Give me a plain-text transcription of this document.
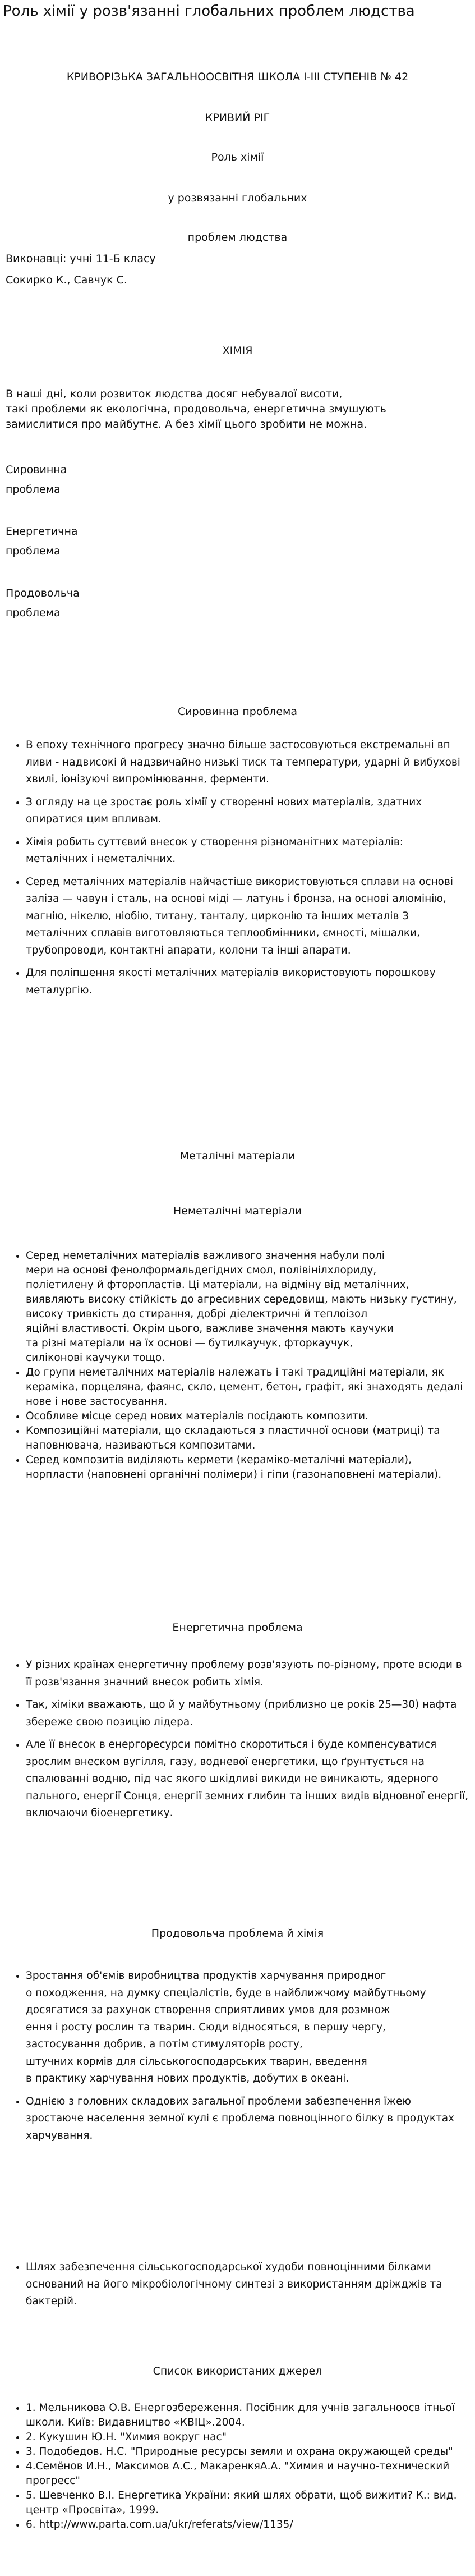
Роль хімії у розв'язанні глобальних проблем людства
КРИВОРІЗЬКА ЗАГАЛЬНООСВІТНЯ ШКОЛА І-ІІІ СТУПЕНІВ № 42
КРИВИЙ РІГ
Роль хімії
у розвязанні глобальних
проблем людства
Виконавці: учні 11-Б класу
Сокирко К., Савчук С.
ХІМІЯ

В наші дні, коли розвиток людства досяг небувалої висоти,

такі проблеми як екологічна, продовольча, енергетична змушують

замислитися про майбутнє. А без хімії цього зробити не можна.

Сировинна

проблема

Енергетична

проблема

Продовольча

проблема

Сировинна проблема

• В епоху технічного прогресу значно більше застосовуються екстремальні вп

ливи - надвисокі й надзвичайно низькі тиск та температури, ударні й вибухові хвилі, іонізуючі випромінювання, ферменти.

• З огляду на це зростає роль хімії у створенні нових матеріалів, здатних опиратися цим впливам.

• Хімія робить суттєвий внесок у створення різноманітних матеріалів:

металічних і неметалічних.

• Серед металічних матеріалів найчастіше використовуються сплави на основі заліза — чавун і сталь, на основі міді — латунь і бронза, на основі алюмінію, магнію, нікелю, ніобію, титану, танталу, цирконію та інших металів 3 металічних сплавів виготовляються теплообмінники, ємності, мішалки, трубопроводи, контактні апарати, колони та інші апарати.

• Для поліпшення якості металічних матеріалів використовують порошкову металургію.

Металічні матеріали
Неметалічні матеріали

• Серед неметалічних матеріалів важливого значення набули полі

мери на основі фенолформальдегідних смол, полівінілхлориду,

поліетилену й фторопластів. Ці матеріали, на відміну від металічних,

виявляють високу стійкість до агресивних середовищ, мають низьку густину,

високу тривкість до стирання, добрі діелектричні й теплоізол

яційні властивості. Окрім цього, важливе значення мають каучуки

та різні матеріали на їх основі — бутилкаучук, фторкаучук,

силіконові каучуки тощо.

• До групи неметалічних матеріалів належать і такі традиційні матеріали, як кераміка, порцеляна, фаянс, скло, цемент, бетон, графіт, які знаходять дедалі нове і нове застосування.

• Особливе місце серед нових матеріалів посідають композити.

• Композиційні матеріали, що складаються з пластичної основи (матриці) та наповнювача, називаються композитами.

• Серед композитів виділяють кермети (керамiко-металічні матеріали), норпласти (наповнені органічні полімери) і гіпи (газонаповнені матеріали).

Енергетична проблема

• У різних країнах енергетичну проблему розв'язують по-різному, проте всюди в її розв'язання значний внесок робить хімія.

• Так, хіміки вважають, що й у майбутньому (приблизно це років 25—30) нафта збереже свою позицію лідера.

• Але її внесок в енергоресурси помітно скоротиться і буде компенсуватися зрослим внеском вугілля, газу, водневої енергетики, що ґрунтується на спалюванні водню, під час якого шкідливі викиди не виникають, ядерного пального, енергії Сонця, енергії земних глибин та інших видів відновної енергії, включаючи біоенергетику.

Продовольча проблема й хімія

• Зростання об'ємів виробництва продуктів харчування природног

о походження, на думку спеціалістів, буде в найближчому майбутньому

досягатися за рахунок створення сприятливих умов для розмнож

ення і росту рослин та тварин. Сюди відносяться, в першу чергу,

застосування добрив, а потім стимуляторів росту,

штучних кормів для сільськогосподарських тварин, введення

в практику харчування нових продуктів, добутих в океані.

• Однією з головних складових загальної проблеми забезпечення їжею зростаюче населення земної кулі є проблема повноцінного білку в продуктах харчування.

• Шлях забезпечення сільськогосподарської худоби повноцінними білками оснований на його мікробіологічному синтезі з використанням дріжджів та бактерій.

Список використаних джерел
• 1. Мельникова О.В. Енергозбереження. Посібник для учнів загальноосв ітньої школи. Київ: Видавництво «КВІЦ».2004.
• 2. Кукушин Ю.Н. "Химия вокруг нас"
• 3. Подобедов. Н.С. "Природные ресурсы земли и охрана окружающей среды"
• 4.Семёнов И.Н., Максимов А.С., МакаренкяА.А. "Химия и научно-технический прогресс"
• 5. Шевченко В.І. Енергетика України: який шлях обрати, щоб вижити? К.: вид. центр «Просвіта», 1999.
• 6. http://www.parta.com.ua/ukr/referats/view/1135/
